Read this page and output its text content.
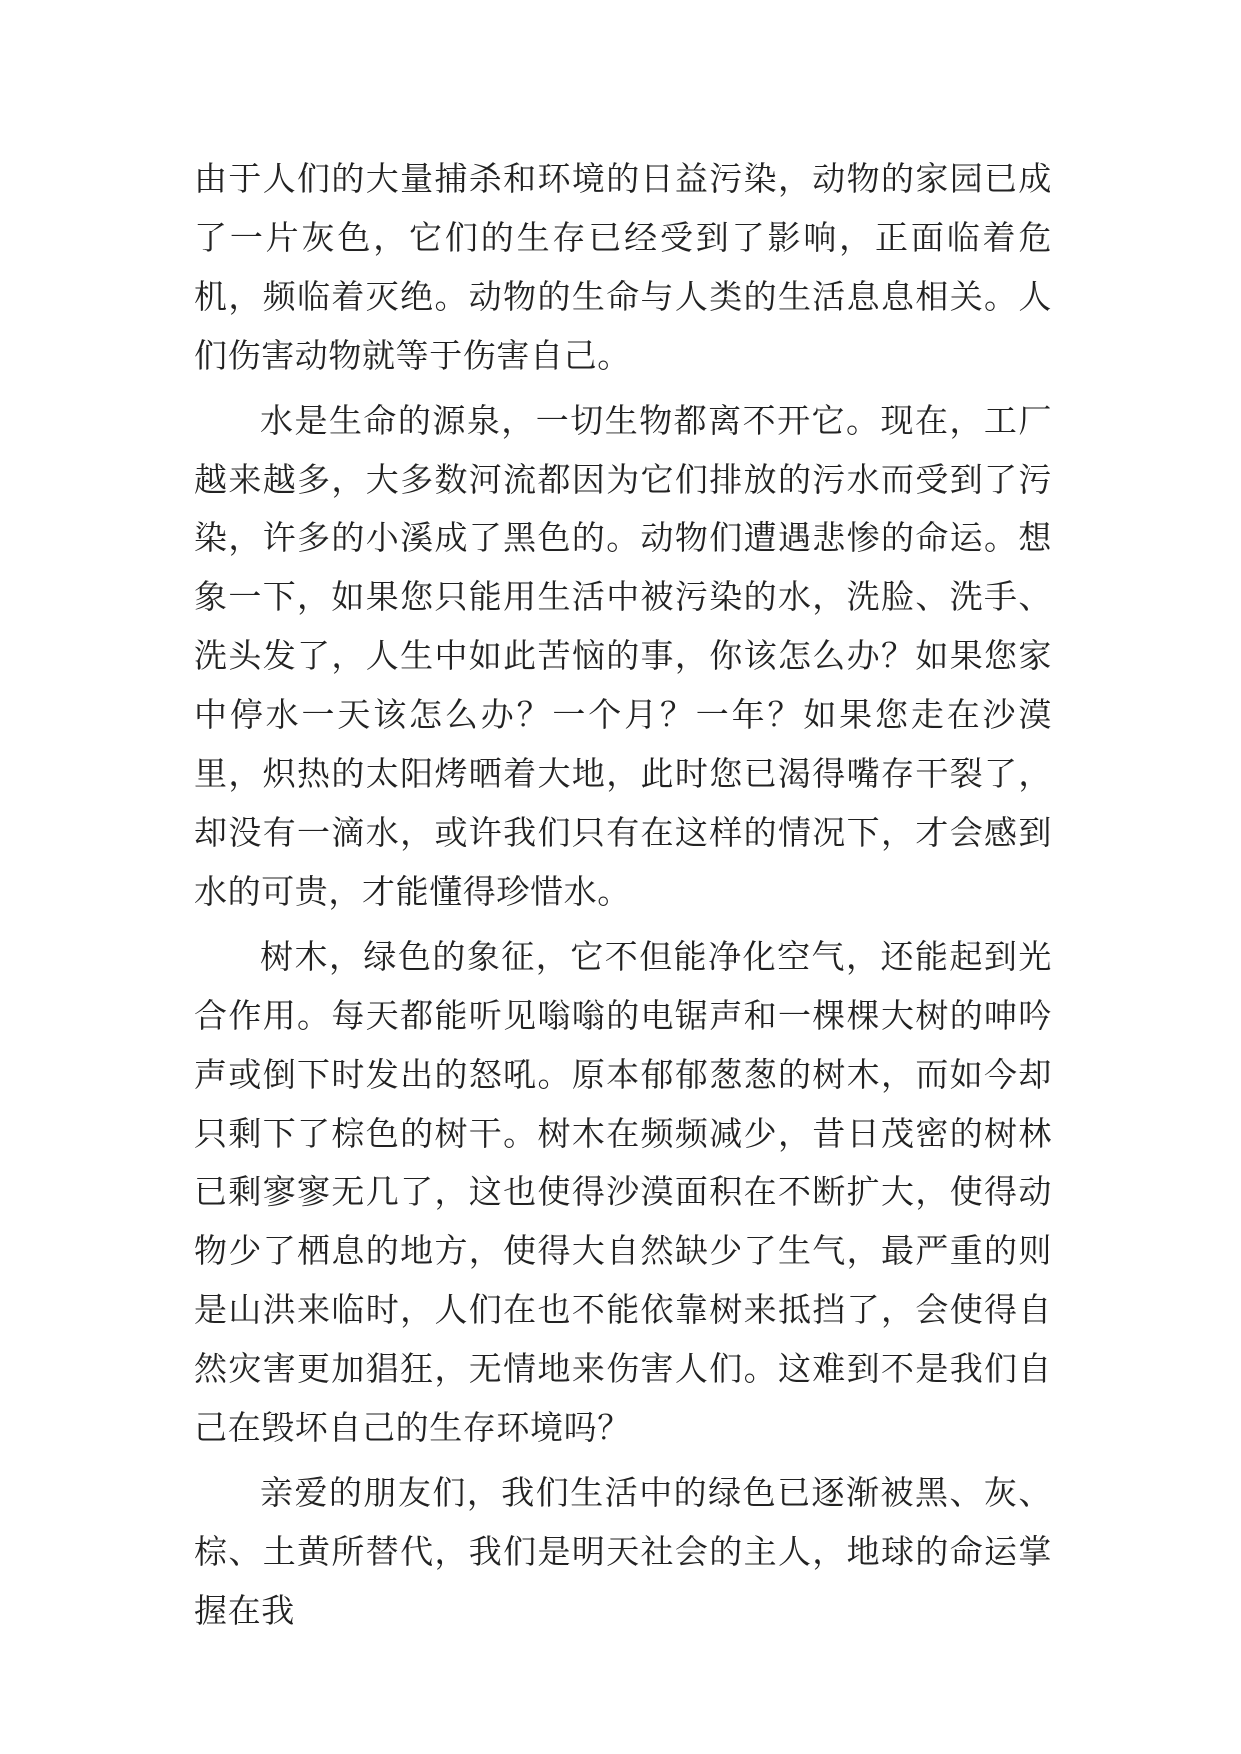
由于人们的大量捕杀和环境的日益污染，动物的家园已成了一片灰色，它们的生存已经受到了影响，正面临着危机，频临着灭绝。动物的生命与人类的生活息息相关。人们伤害动物就等于伤害自己。

水是生命的源泉，一切生物都离不开它。现在，工厂越来越多，大多数河流都因为它们排放的污水而受到了污染，许多的小溪成了黑色的。动物们遭遇悲惨的命运。想象一下，如果您只能用生活中被污染的水，洗脸、洗手、洗头发了，人生中如此苦恼的事，你该怎么办？如果您家中停水一天该怎么办？一个月？一年？如果您走在沙漠里，炽热的太阳烤晒着大地，此时您已渴得嘴存干裂了，却没有一滴水，或许我们只有在这样的情况下，才会感到水的可贵，才能懂得珍惜水。

树木，绿色的象征，它不但能净化空气，还能起到光合作用。每天都能听见嗡嗡的电锯声和一棵棵大树的呻吟声或倒下时发出的怒吼。原本郁郁葱葱的树木，而如今却只剩下了棕色的树干。树木在频频减少，昔日茂密的树林已剩寥寥无几了，这也使得沙漠面积在不断扩大，使得动物少了栖息的地方，使得大自然缺少了生气，最严重的则是山洪来临时，人们在也不能依靠树来抵挡了，会使得自然灾害更加猖狂，无情地来伤害人们。这难到不是我们自己在毁坏自己的生存环境吗？

亲爱的朋友们，我们生活中的绿色已逐渐被黑、灰、棕、土黄所替代，我们是明天社会的主人，地球的命运掌握在我
